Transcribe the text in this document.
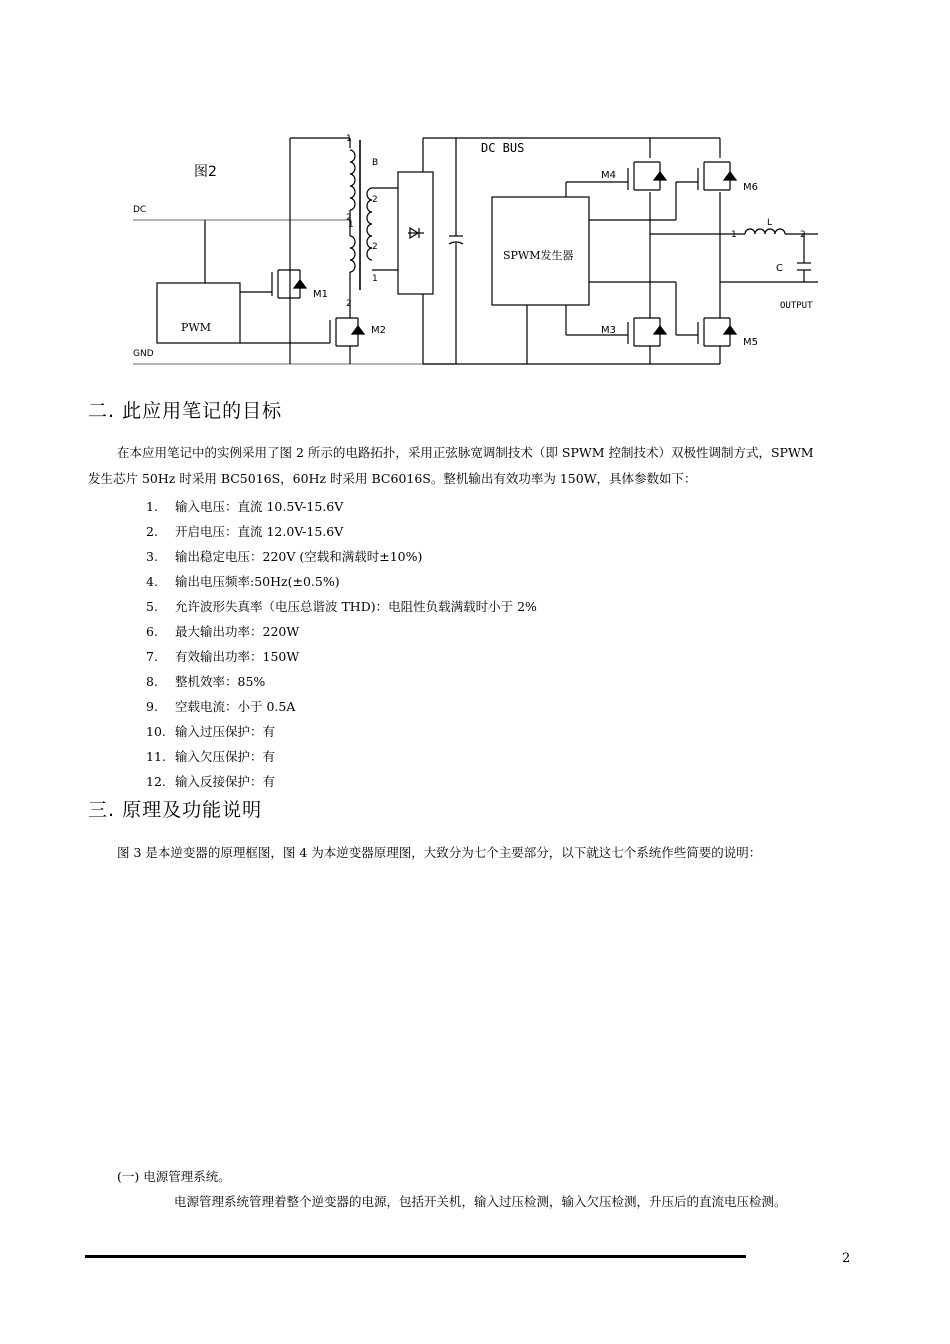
图2
DC
GND
PWM
M1
M2
1
2
1
2
B
2
2
1
DC BUS
SPWM发生器
M4
M6
M3
M5
L
1	2
C
OUTPUT
二. 此应用笔记的目标
在本应用笔记中的实例采用了图 2 所示的电路拓扑，采用正弦脉宽调制技术（即 SPWM 控制技术）双极性调制方式，SPWM
发生芯片 50Hz 时采用 BC5016S，60Hz 时采用 BC6016S。整机输出有效功率为 150W，具体参数如下：
1. 输入电压：直流 10.5V-15.6V
2. 开启电压：直流 12.0V-15.6V
3. 输出稳定电压：220V (空载和满载时±10%)
4. 输出电压频率:50Hz(±0.5%)
5. 允许波形失真率（电压总谐波 THD)：电阻性负载满载时小于 2%
6. 最大输出功率：220W
7. 有效输出功率：150W
8. 整机效率：85%
9. 空载电流：小于 0.5A
10. 输入过压保护：有
11. 输入欠压保护：有
12. 输入反接保护：有
三. 原理及功能说明
图 3 是本逆变器的原理框图，图 4 为本逆变器原理图，大致分为七个主要部分，以下就这七个系统作些简要的说明：
(一) 电源管理系统。
电源管理系统管理着整个逆变器的电源，包括开关机，输入过压检测，输入欠压检测，升压后的直流电压检测。
2
